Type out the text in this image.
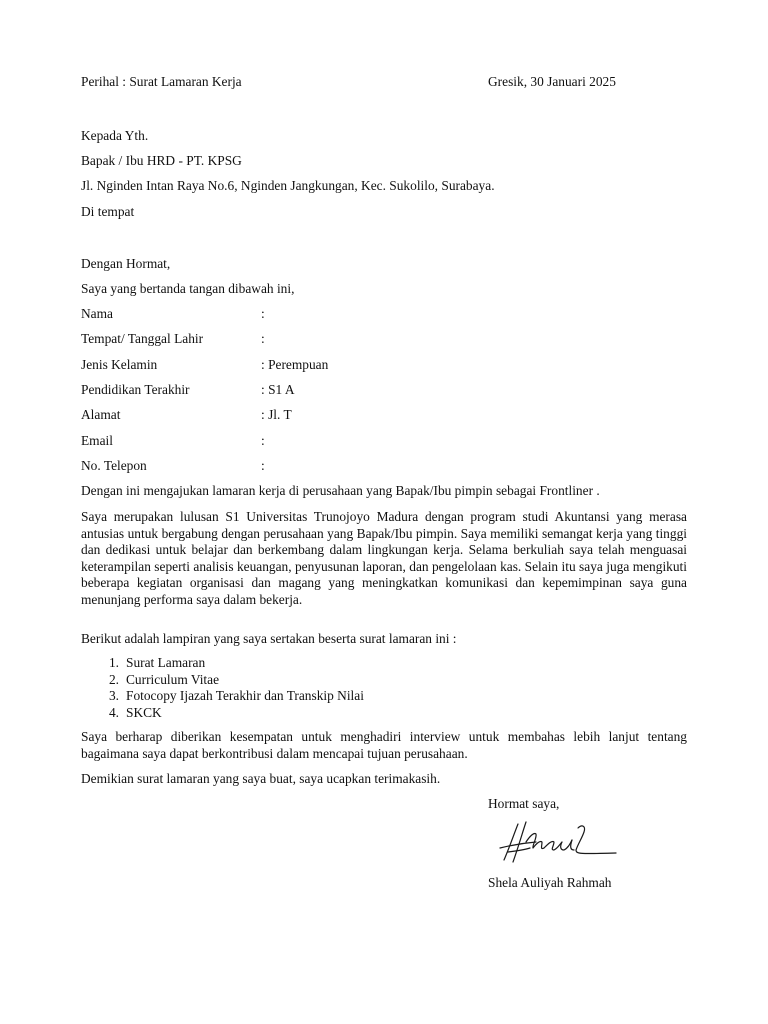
Perihal : Surat Lamaran Kerja	Gresik, 30 Januari 2025
Kepada Yth.
Bapak / Ibu HRD - PT. KPSG
Jl. Nginden Intan Raya No.6, Nginden Jangkungan, Kec. Sukolilo, Surabaya.
Di tempat
Dengan Hormat,
Saya yang bertanda tangan dibawah ini,
Nama	:
Tempat/ Tanggal Lahir	:
Jenis Kelamin	: Perempuan
Pendidikan Terakhir	: S1 A
Alamat	: Jl. T
Email	:
No. Telepon	:
Dengan ini mengajukan lamaran kerja di perusahaan yang Bapak/Ibu pimpin sebagai Frontliner .
Saya merupakan lulusan S1 Universitas Trunojoyo Madura dengan program studi Akuntansi yang merasa antusias untuk bergabung dengan perusahaan yang Bapak/Ibu pimpin. Saya memiliki semangat kerja yang tinggi dan dedikasi untuk belajar dan berkembang dalam lingkungan kerja. Selama berkuliah saya telah menguasai keterampilan seperti analisis keuangan, penyusunan laporan, dan pengelolaan kas. Selain itu saya juga mengikuti beberapa kegiatan organisasi dan magang yang meningkatkan komunikasi dan kepemimpinan saya guna menunjang performa saya dalam bekerja.
Berikut adalah lampiran yang saya sertakan beserta surat lamaran ini :
1. Surat Lamaran
2. Curriculum Vitae
3. Fotocopy Ijazah Terakhir dan Transkip Nilai
4. SKCK
Saya berharap diberikan kesempatan untuk menghadiri interview untuk membahas lebih lanjut tentang bagaimana saya dapat berkontribusi dalam mencapai tujuan perusahaan.
Demikian surat lamaran yang saya buat, saya ucapkan terimakasih.
Hormat saya,
Shela Auliyah Rahmah
